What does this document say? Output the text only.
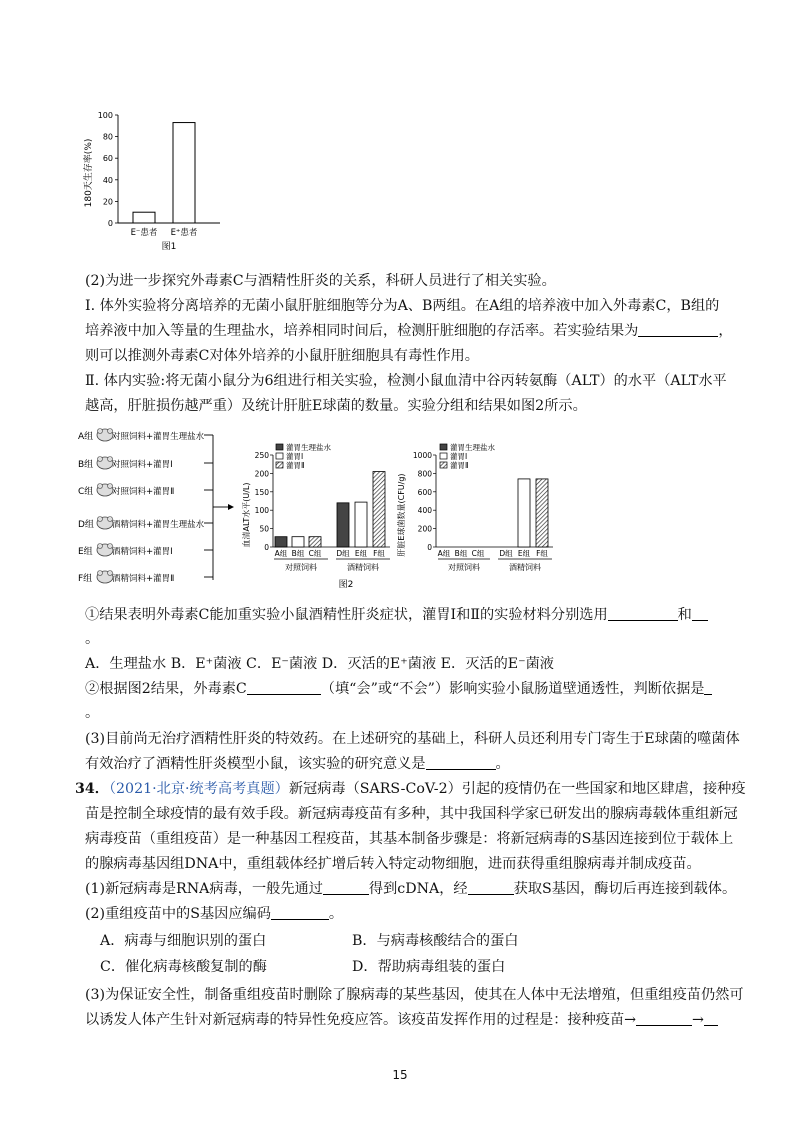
180天生存率(%)
100
80
60
40
20
0
E⁻患者 E⁺患者
图1
(2)为进一步探究外毒素C与酒精性肝炎的关系，科研人员进行了相关实验。
Ⅰ. 体外实验将分离培养的无菌小鼠肝脏细胞等分为A、B两组。在A组的培养液中加入外毒素C，B组的
培养液中加入等量的生理盐水，培养相同时间后，检测肝脏细胞的存活率。若实验结果为	，
则可以推测外毒素C对体外培养的小鼠肝脏细胞具有毒性作用。
Ⅱ. 体内实验:将无菌小鼠分为6组进行相关实验，检测小鼠血清中谷丙转氨酶（ALT）的水平（ALT水平
越高，肝脏损伤越严重）及统计肝脏E球菌的数量。实验分组和结果如图2所示。
A组 对照饲料+灌胃生理盐水
B组 对照饲料+灌胃Ⅰ
C组 对照饲料+灌胃Ⅱ
D组 酒精饲料+灌胃生理盐水
E组 酒精饲料+灌胃Ⅰ
F组 酒精饲料+灌胃Ⅱ
血清ALT水平(U/L)
250
200
150
100
50
0
A组 B组 C组 D组 E组 F组
对照饲料	酒精饲料
灌胃生理盐水
灌胃Ⅰ
灌胃Ⅱ
肝脏E球菌数量(CFU/g)
1000
800
600
400
200
0
A组 B组 C组 D组 E组 F组
对照饲料	酒精饲料
灌胃生理盐水
灌胃Ⅰ
灌胃Ⅱ
图2
①结果表明外毒素C能加重实验小鼠酒精性肝炎症状，灌胃Ⅰ和Ⅱ的实验材料分别选用	和
。
A．生理盐水 B．E⁺菌液 C．E⁻菌液 D．灭活的E⁺菌液 E．灭活的E⁻菌液
②根据图2结果，外毒素C	（填“会”或“不会”）影响实验小鼠肠道壁通透性，判断依据是
。
(3)目前尚无治疗酒精性肝炎的特效药。在上述研究的基础上，科研人员还利用专门寄生于E球菌的噬菌体
有效治疗了酒精性肝炎模型小鼠，该实验的研究意义是	。
34．（2021·北京·统考高考真题）新冠病毒（SARS-CoV-2）引起的疫情仍在一些国家和地区肆虐，接种疫
苗是控制全球疫情的最有效手段。新冠病毒疫苗有多种，其中我国科学家已研发出的腺病毒载体重组新冠
病毒疫苗（重组疫苗）是一种基因工程疫苗，其基本制备步骤是：将新冠病毒的S基因连接到位于载体上
的腺病毒基因组DNA中，重组载体经扩增后转入特定动物细胞，进而获得重组腺病毒并制成疫苗。
(1)新冠病毒是RNA病毒，一般先通过	得到cDNA，经	获取S基因，酶切后再连接到载体。
(2)重组疫苗中的S基因应编码	。
A．病毒与细胞识别的蛋白	B．与病毒核酸结合的蛋白
C．催化病毒核酸复制的酶	D．帮助病毒组装的蛋白
(3)为保证安全性，制备重组疫苗时删除了腺病毒的某些基因，使其在人体中无法增殖，但重组疫苗仍然可
以诱发人体产生针对新冠病毒的特异性免疫应答。该疫苗发挥作用的过程是：接种疫苗→	→
15
